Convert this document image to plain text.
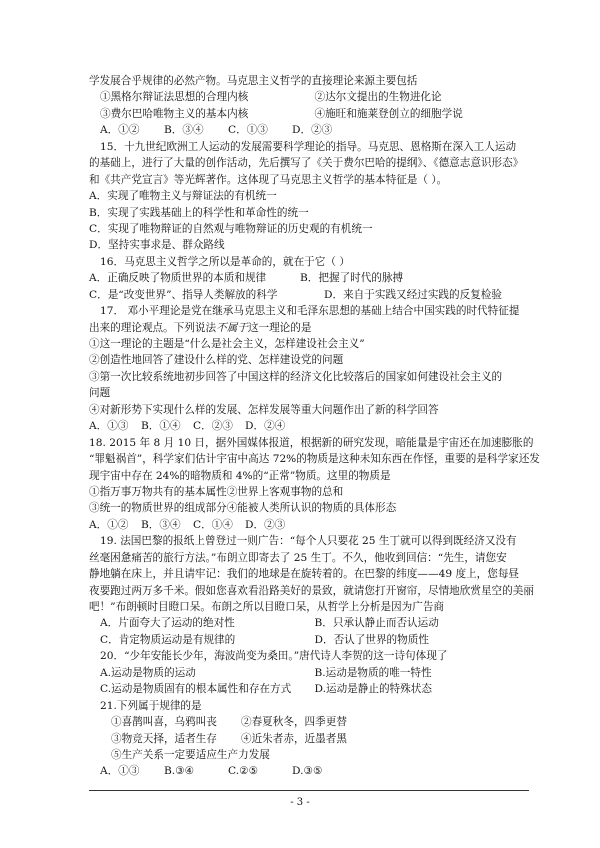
学发展合乎规律的必然产物。马克思主义哲学的直接理论来源主要包括
①黑格尔辩证法思想的合理内核	②达尔文提出的生物进化论
③费尔巴哈唯物主义的基本内核	④施旺和施莱登创立的细胞学说
A．①② B．③④ C．①③ D．②③
15．十九世纪欧洲工人运动的发展需要科学理论的指导。马克思、恩格斯在深入工人运动
的基础上，进行了大量的创作活动，先后撰写了《关于费尔巴哈的提纲》、《德意志意识形态》
和《共产党宣言》等光辉著作。这体现了马克思主义哲学的基本特征是（ ）。
A．实现了唯物主义与辩证法的有机统一
B．实现了实践基础上的科学性和革命性的统一
C．实现了唯物辩证的自然观与唯物辩证的历史观的有机统一
D．坚持实事求是、群众路线
16．马克思主义哲学之所以是革命的，就在于它（ ）
A．正确反映了物质世界的本质和规律	B．把握了时代的脉搏
C．是“改变世界”、指导人类解放的科学	D．来自于实践又经过实践的反复检验
17． 邓小平理论是党在继承马克思主义和毛泽东思想的基础上结合中国实践的时代特征提
出来的理论观点。下列说法不属于这一理论的是
①这一理论的主题是“什么是社会主义，怎样建设社会主义”
②创造性地回答了建设什么样的党、怎样建设党的问题
③第一次比较系统地初步回答了中国这样的经济文化比较落后的国家如何建设社会主义的
问题
④对新形势下实现什么样的发展、怎样发展等重大问题作出了新的科学回答
A．①③ B．①④ C．②③ D．②④
18. 2015 年 8 月 10 日，据外国媒体报道，根据新的研究发现，暗能量是宇宙还在加速膨胀的
“罪魁祸首”，科学家们估计宇宙中高达 72%的物质是这种未知东西在作怪，重要的是科学家还发
现宇宙中存在 24%的暗物质和 4%的“正常”物质。这里的物质是
①指万事万物共有的基本属性②世界上客观事物的总和
③统一的物质世界的组成部分④能被人类所认识的物质的具体形态
A．①② B．③④ C．①④ D．②③
19. 法国巴黎的报纸上曾登过一则广告：“每个人只要花 25 生丁就可以得到既经济又没有
丝毫困惫痛苦的旅行方法。”布朗立即寄去了 25 生丁。不久，他收到回信：“先生，请您安
静地躺在床上，并且请牢记：我们的地球是在旋转着的。在巴黎的纬度——49 度上，您每昼
夜要跑过两万多千米。假如您喜欢看沿路美好的景致，就请您打开窗帘，尽情地欣赏星空的美丽
吧！”布朗顿时目瞪口呆。布朗之所以目瞪口呆，从哲学上分析是因为广告商
A．片面夸大了运动的绝对性	B．只承认静止而否认运动
C．肯定物质运动是有规律的	D．否认了世界的物质性
20．“少年安能长少年，海波尚变为桑田。”唐代诗人李贺的这一诗句体现了
A.运动是物质的运动	B.运动是物质的唯一特性
C.运动是物质固有的根本属性和存在方式	D.运动是静止的特殊状态
21.下列属于规律的是
①喜鹊叫喜，乌鸦叫丧	②春夏秋冬，四季更替
③物竞天择，适者生存	④近朱者赤，近墨者黑
⑤生产关系一定要适应生产力发展
A．①③ B.③④	C.②⑤	D.③⑤
- 3 -
